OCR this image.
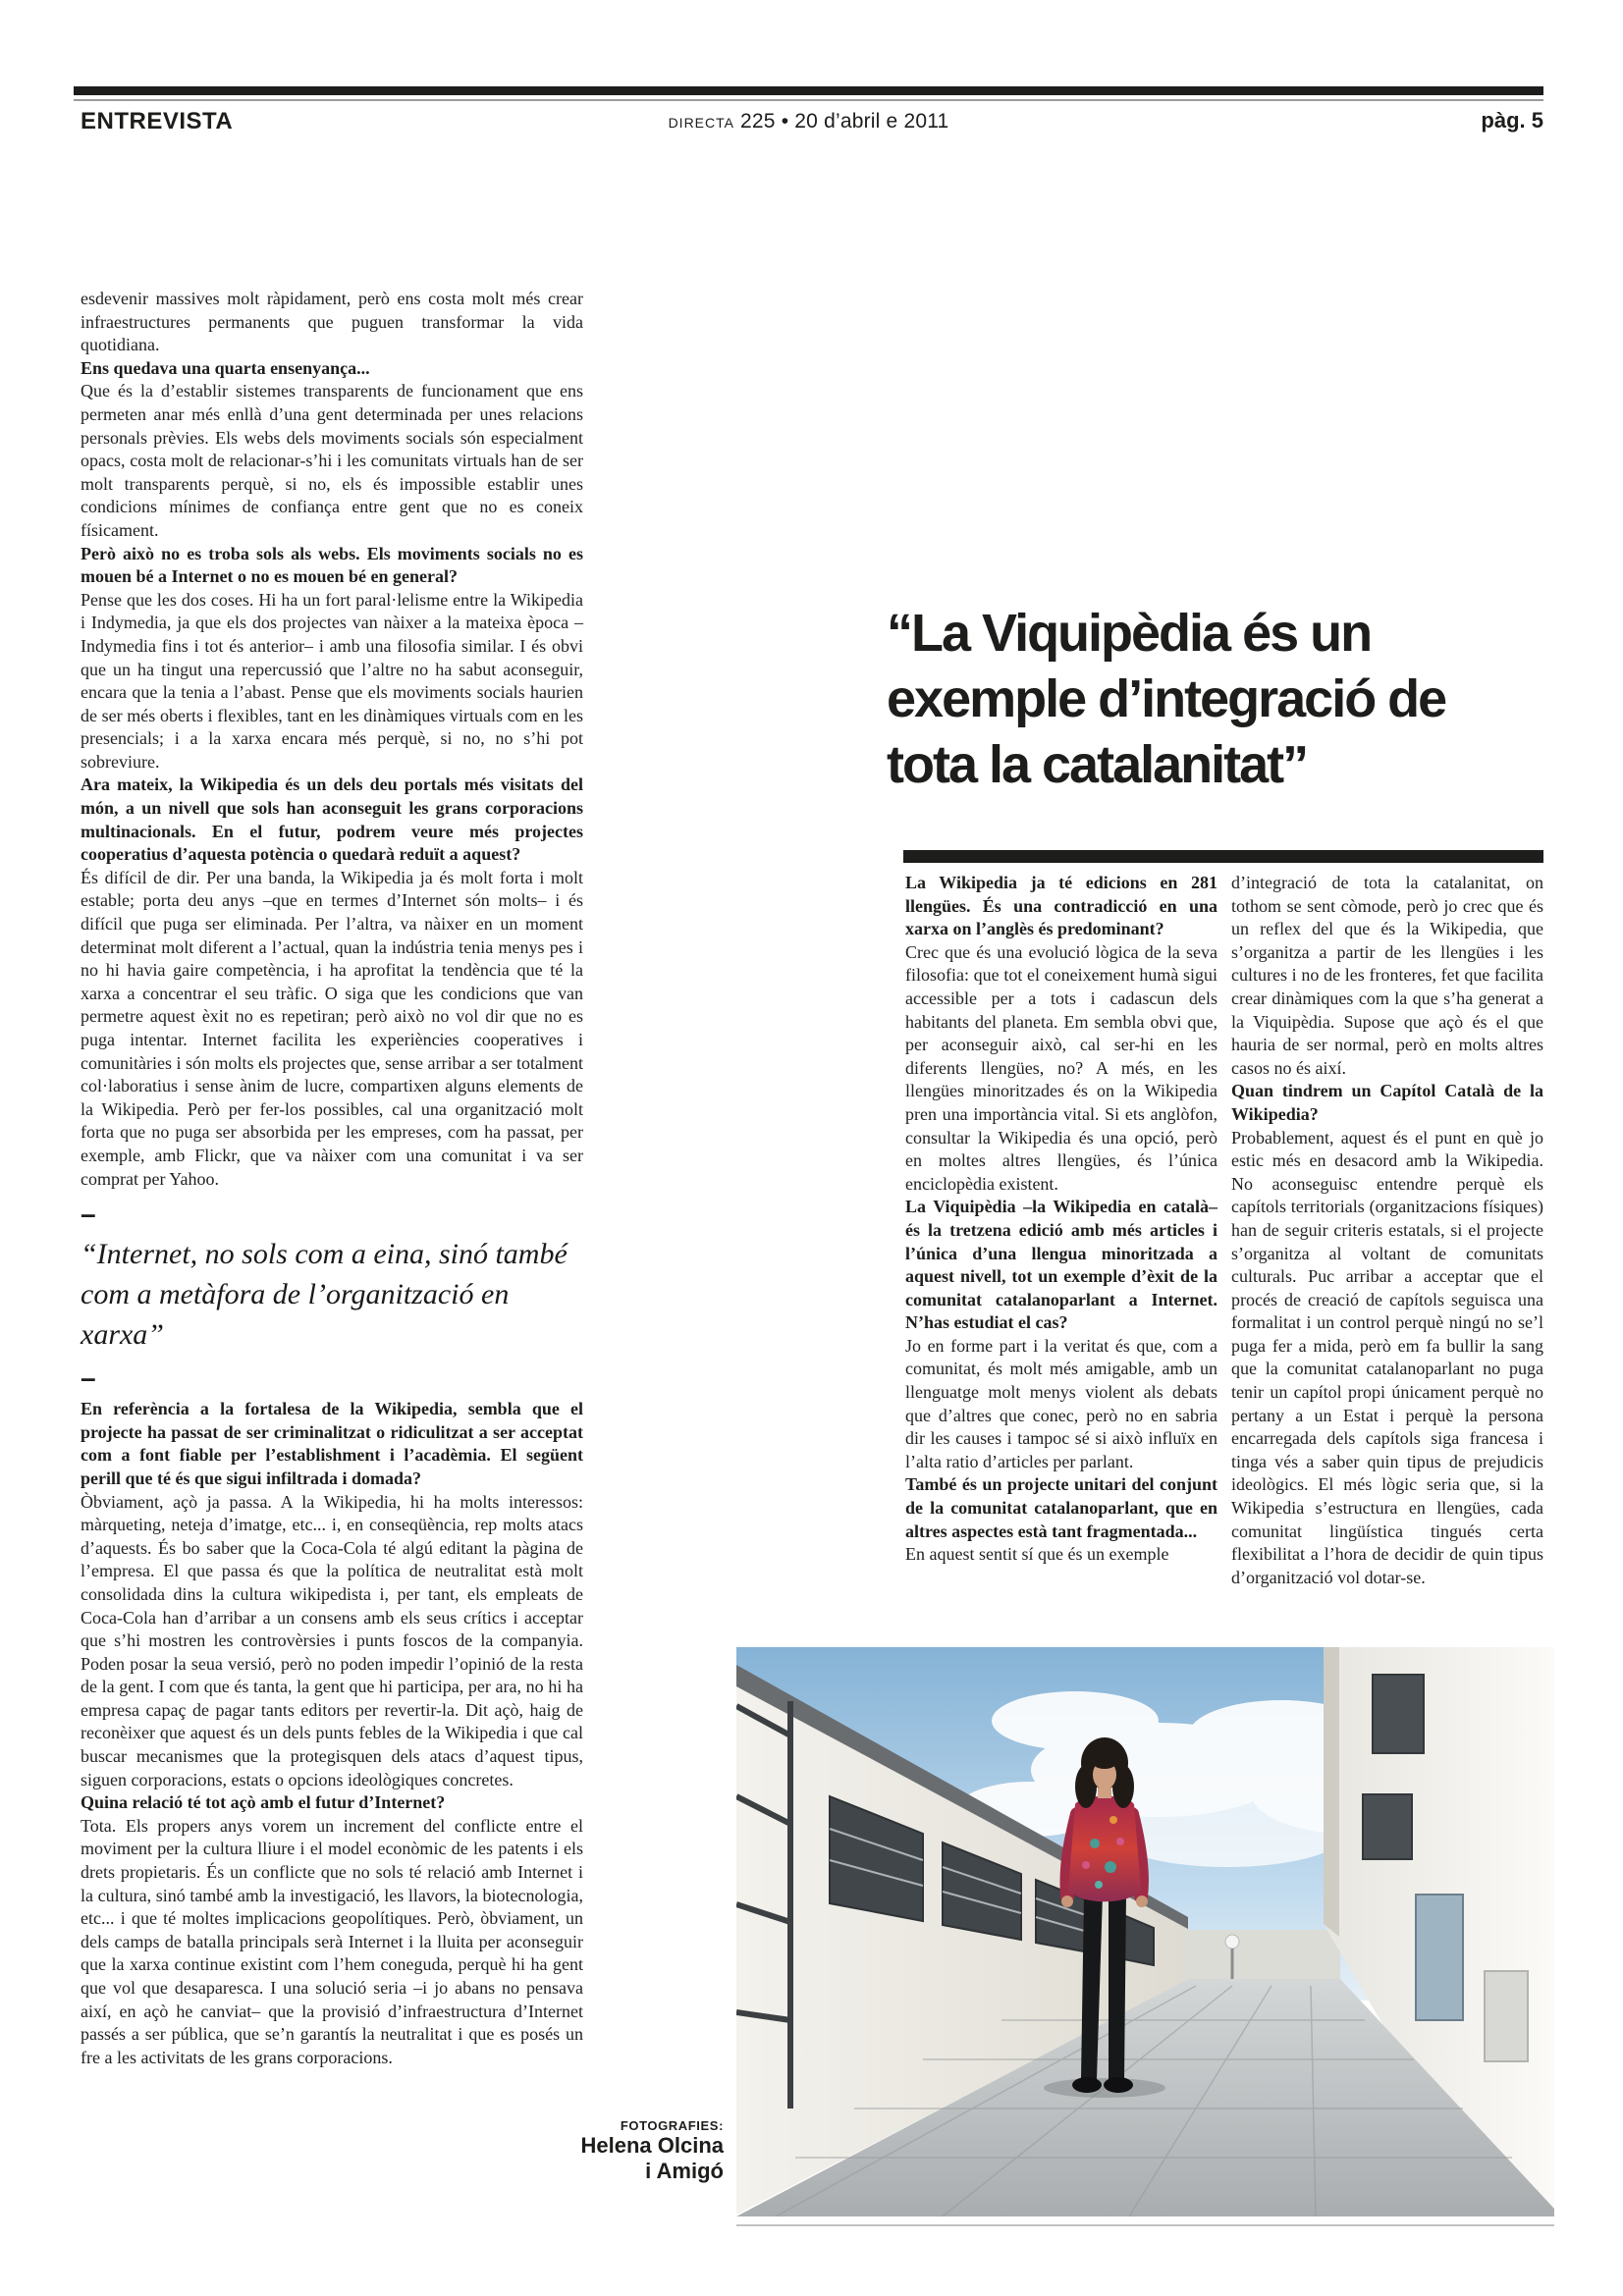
ENTREVISTA	DIRECTA 225 • 20 d’abril e 2011	pàg. 5

esdevenir massives molt ràpidament, però ens costa molt més crear infraestructures permanents que puguen transformar la vida quotidiana.

Ens quedava una quarta ensenyança...

Que és la d’establir sistemes transparents de funcionament que ens permeten anar més enllà d’una gent determinada per unes relacions personals prèvies. Els webs dels moviments socials són especialment opacs, costa molt de relacionar-s’hi i les comunitats virtuals han de ser molt transparents perquè, si no, els és impossible establir unes condicions mínimes de confiança entre gent que no es coneix físicament.

Però això no es troba sols als webs. Els moviments socials no es mouen bé a Internet o no es mouen bé en general?

Pense que les dos coses. Hi ha un fort paral·lelisme entre la Wikipedia i Indymedia, ja que els dos projectes van nàixer a la mateixa època –Indymedia fins i tot és anterior– i amb una filosofia similar. I és obvi que un ha tingut una repercussió que l’altre no ha sabut aconseguir, encara que la tenia a l’abast. Pense que els moviments socials haurien de ser més oberts i flexibles, tant en les dinàmiques virtuals com en les presencials; i a la xarxa encara més perquè, si no, no s’hi pot sobreviure.

Ara mateix, la Wikipedia és un dels deu portals més visitats del món, a un nivell que sols han aconseguit les grans corporacions multinacionals. En el futur, podrem veure més projectes cooperatius d’aquesta potència o quedarà reduït a aquest?

És difícil de dir. Per una banda, la Wikipedia ja és molt forta i molt estable; porta deu anys –que en termes d’Internet són molts– i és difícil que puga ser eliminada. Per l’altra, va nàixer en un moment determinat molt diferent a l’actual, quan la indústria tenia menys pes i no hi havia gaire competència, i ha aprofitat la tendència que té la xarxa a concentrar el seu tràfic. O siga que les condicions que van permetre aquest èxit no es repetiran; però això no vol dir que no es puga intentar. Internet facilita les experiències cooperatives i comunitàries i són molts els projectes que, sense arribar a ser totalment col·laboratius i sense ànim de lucre, compartixen alguns elements de la Wikipedia. Però per fer-los possibles, cal una organització molt forta que no puga ser absorbida per les empreses, com ha passat, per exemple, amb Flickr, que va nàixer com una comunitat i va ser comprat per Yahoo.

–

“Internet, no sols com a eina, sinó també com a metàfora de l’organització en xarxa”

–

En referència a la fortalesa de la Wikipedia, sembla que el projecte ha passat de ser criminalitzat o ridiculitzat a ser acceptat com a font fiable per l’establishment i l’acadèmia. El següent perill que té és que sigui infiltrada i domada?

Òbviament, açò ja passa. A la Wikipedia, hi ha molts interessos: màrqueting, neteja d’imatge, etc... i, en conseqüència, rep molts atacs d’aquests. És bo saber que la Coca-Cola té algú editant la pàgina de l’empresa. El que passa és que la política de neutralitat està molt consolidada dins la cultura wikipedista i, per tant, els empleats de Coca-Cola han d’arribar a un consens amb els seus crítics i acceptar que s’hi mostren les controvèrsies i punts foscos de la companyia. Poden posar la seua versió, però no poden impedir l’opinió de la resta de la gent. I com que és tanta, la gent que hi participa, per ara, no hi ha empresa capaç de pagar tants editors per revertir-la. Dit açò, haig de reconèixer que aquest és un dels punts febles de la Wikipedia i que cal buscar mecanismes que la protegisquen dels atacs d’aquest tipus, siguen corporacions, estats o opcions ideològiques concretes.

Quina relació té tot açò amb el futur d’Internet?

Tota. Els propers anys vorem un increment del conflicte entre el moviment per la cultura lliure i el model econòmic de les patents i els drets propietaris. És un conflicte que no sols té relació amb Internet i la cultura, sinó també amb la investigació, les llavors, la biotecnologia, etc... i que té moltes implicacions geopolítiques. Però, òbviament, un dels camps de batalla principals serà Internet i la lluita per aconseguir que la xarxa continue existint com l’hem coneguda, perquè hi ha gent que vol que desaparesca. I una solució seria –i jo abans no pensava així, en açò he canviat– que la provisió d’infraestructura d’Internet passés a ser pública, que se’n garantís la neutralitat i que es posés un fre a les activitats de les grans corporacions.

“La Viquipèdia és un exemple d’integració de tota la catalanitat”

La Wikipedia ja té edicions en 281 llengües. És una contradicció en una xarxa on l’anglès és predominant?

Crec que és una evolució lògica de la seva filosofia: que tot el coneixement humà sigui accessible per a tots i cadascun dels habitants del planeta. Em sembla obvi que, per aconseguir això, cal ser-hi en les diferents llengües, no? A més, en les llengües minoritzades és on la Wikipedia pren una importància vital. Si ets anglòfon, consultar la Wikipedia és una opció, però en moltes altres llengües, és l’única enciclopèdia existent.

La Viquipèdia –la Wikipedia en català– és la tretzena edició amb més articles i l’única d’una llengua minoritzada a aquest nivell, tot un exemple d’èxit de la comunitat catalanoparlant a Internet. N’has estudiat el cas?

Jo en forme part i la veritat és que, com a comunitat, és molt més amigable, amb un llenguatge molt menys violent als debats que d’altres que conec, però no en sabria dir les causes i tampoc sé si això influïx en l’alta ratio d’articles per parlant.

També és un projecte unitari del conjunt de la comunitat catalanoparlant, que en altres aspectes està tant fragmentada...

En aquest sentit sí que és un exemple

d’integració de tota la catalanitat, on tothom se sent còmode, però jo crec que és un reflex del que és la Wikipedia, que s’organitza a partir de les llengües i les cultures i no de les fronteres, fet que facilita crear dinàmiques com la que s’ha generat a la Viquipèdia. Supose que açò és el que hauria de ser normal, però en molts altres casos no és així.

Quan tindrem un Capítol Català de la Wikipedia?

Probablement, aquest és el punt en què jo estic més en desacord amb la Wikipedia. No aconseguisc entendre perquè els capítols territorials (organitzacions físiques) han de seguir criteris estatals, si el projecte s’organitza al voltant de comunitats culturals. Puc arribar a acceptar que el procés de creació de capítols seguisca una formalitat i un control perquè ningú no se’l puga fer a mida, però em fa bullir la sang que la comunitat catalanoparlant no puga tenir un capítol propi únicament perquè no pertany a un Estat i perquè la persona encarregada dels capítols siga francesa i tinga vés a saber quin tipus de prejudicis ideològics. El més lògic seria que, si la Wikipedia s’estructura en llengües, cada comunitat lingüística tingués certa flexibilitat a l’hora de decidir de quin tipus d’organització vol dotar-se.

FOTOGRAFIES:
Helena Olcina
i Amigó
